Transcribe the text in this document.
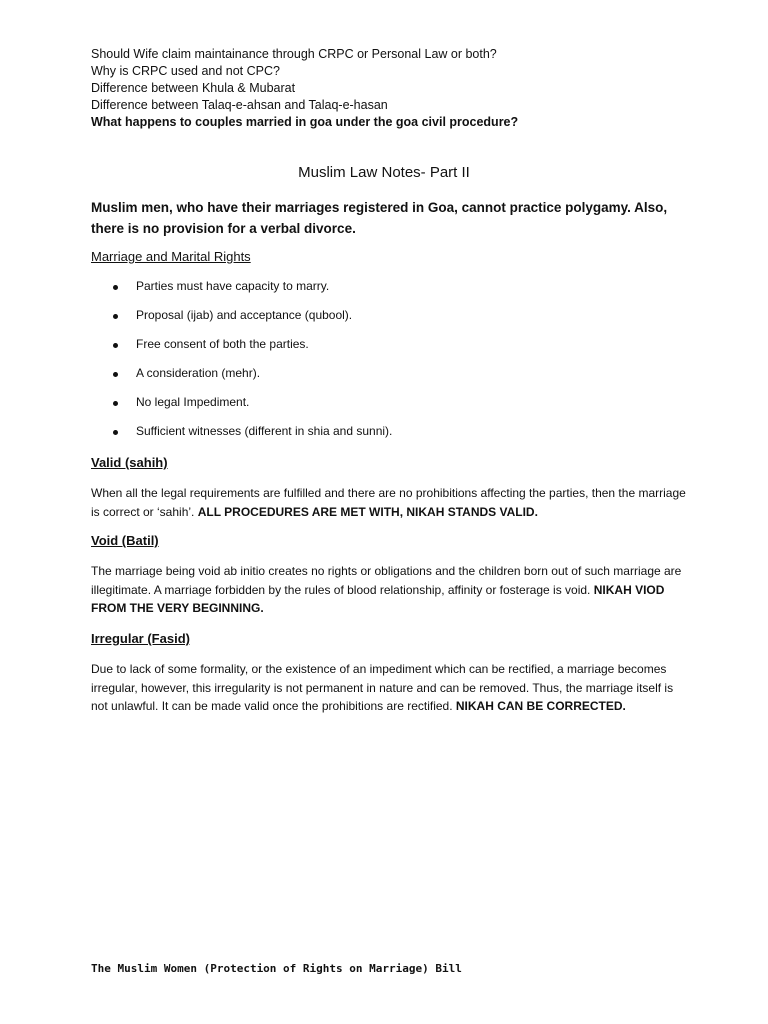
Should Wife claim maintainance through CRPC or Personal Law or both?
Why is CRPC used and not CPC?
Difference between Khula & Mubarat
Difference between Talaq-e-ahsan and Talaq-e-hasan
What happens to couples married in goa under the goa civil procedure?
Muslim Law Notes- Part II
Muslim men, who have their marriages registered in Goa, cannot practice polygamy. Also, there is no provision for a verbal divorce.
Marriage and Marital Rights
Parties must have capacity to marry.
Proposal (ijab) and acceptance (qubool).
Free consent of both the parties.
A consideration (mehr).
No legal Impediment.
Sufficient witnesses (different in shia and sunni).
Valid (sahih)
When all the legal requirements are fulfilled and there are no prohibitions affecting the parties, then the marriage is correct or ‘sahih’. ALL PROCEDURES ARE MET WITH, NIKAH STANDS VALID.
Void (Batil)
The marriage being void ab initio creates no rights or obligations and the children born out of such marriage are illegitimate. A marriage forbidden by the rules of blood relationship, affinity or fosterage is void. NIKAH VIOD FROM THE VERY BEGINNING.
Irregular (Fasid)
Due to lack of some formality, or the existence of an impediment which can be rectified, a marriage becomes irregular, however, this irregularity is not permanent in nature and can be removed. Thus, the marriage itself is not unlawful. It can be made valid once the prohibitions are rectified. NIKAH CAN BE CORRECTED.
The Muslim Women (Protection of Rights on Marriage) Bill
